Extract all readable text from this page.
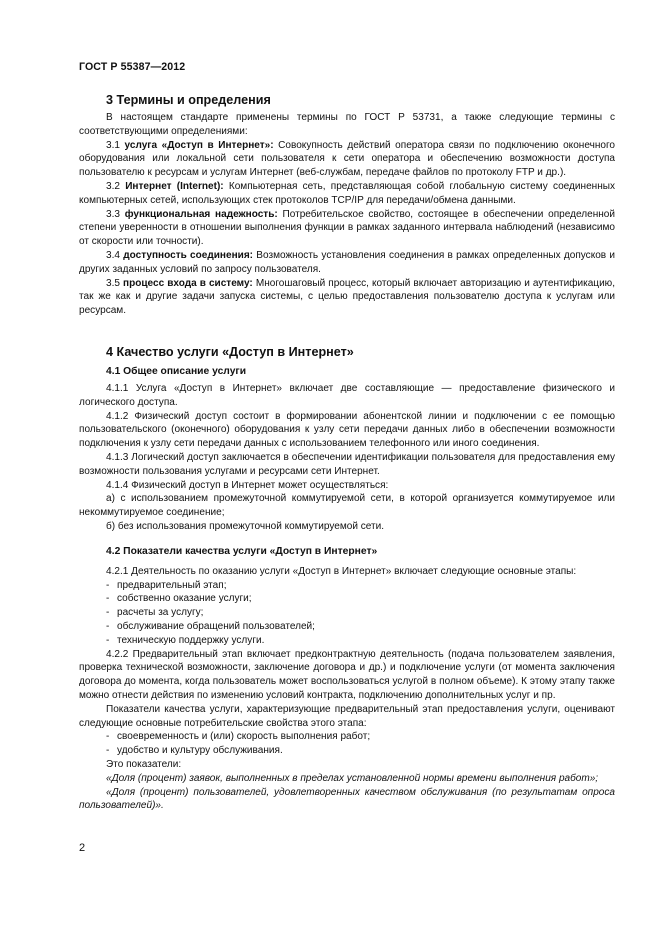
ГОСТ Р 55387—2012
3 Термины и определения

В настоящем стандарте применены термины по ГОСТ Р 53731, а также следующие термины с соответствующими определениями:

3.1 услуга «Доступ в Интернет»: Совокупность действий оператора связи по подключению оконечного оборудования или локальной сети пользователя к сети оператора и обеспечению возможности доступа пользователю к ресурсам и услугам Интернет (веб-службам, передаче файлов по протоколу FTP и др.).

3.2 Интернет (Internet): Компьютерная сеть, представляющая собой глобальную систему соединенных компьютерных сетей, использующих стек протоколов TCP/IP для передачи/обмена данными.

3.3 функциональная надежность: Потребительское свойство, состоящее в обеспечении определенной степени уверенности в отношении выполнения функции в рамках заданного интервала наблюдений (независимо от скорости или точности).

3.4 доступность соединения: Возможность установления соединения в рамках определенных допусков и других заданных условий по запросу пользователя.

3.5 процесс входа в систему: Многошаговый процесс, который включает авторизацию и аутентификацию, так же как и другие задачи запуска системы, с целью предоставления пользователю доступа к услугам или ресурсам.

4 Качество услуги «Доступ в Интернет»
4.1 Общее описание услуги

4.1.1 Услуга «Доступ в Интернет» включает две составляющие — предоставление физического и логического доступа.

4.1.2 Физический доступ состоит в формировании абонентской линии и подключении с ее помощью пользовательского (оконечного) оборудования к узлу сети передачи данных либо в обеспечении возможности подключения к узлу сети передачи данных с использованием телефонного или иного соединения.

4.1.3 Логический доступ заключается в обеспечении идентификации пользователя для предоставления ему возможности пользования услугами и ресурсами сети Интернет.

4.1.4 Физический доступ в Интернет может осуществляться:

а) с использованием промежуточной коммутируемой сети, в которой организуется коммутируемое или некоммутируемое соединение;

б) без использования промежуточной коммутируемой сети.

4.2 Показатели качества услуги «Доступ в Интернет»

4.2.1 Деятельность по оказанию услуги «Доступ в Интернет» включает следующие основные этапы:

- предварительный этап;

- собственно оказание услуги;

- расчеты за услугу;

- обслуживание обращений пользователей;

- техническую поддержку услуги.

4.2.2 Предварительный этап включает предконтрактную деятельность (подача пользователем заявления, проверка технической возможности, заключение договора и др.) и подключение услуги (от момента заключения договора до момента, когда пользователь может воспользоваться услугой в полном объеме). К этому этапу также можно отнести действия по изменению условий контракта, подключению дополнительных услуг и пр.

Показатели качества услуги, характеризующие предварительный этап предоставления услуги, оценивают следующие основные потребительские свойства этого этапа:

- своевременность и (или) скорость выполнения работ;

- удобство и культуру обслуживания.

Это показатели:

«Доля (процент) заявок, выполненных в пределах установленной нормы времени выполнения работ»;

«Доля (процент) пользователей, удовлетворенных качеством обслуживания (по результатам опроса пользователей)».

2
